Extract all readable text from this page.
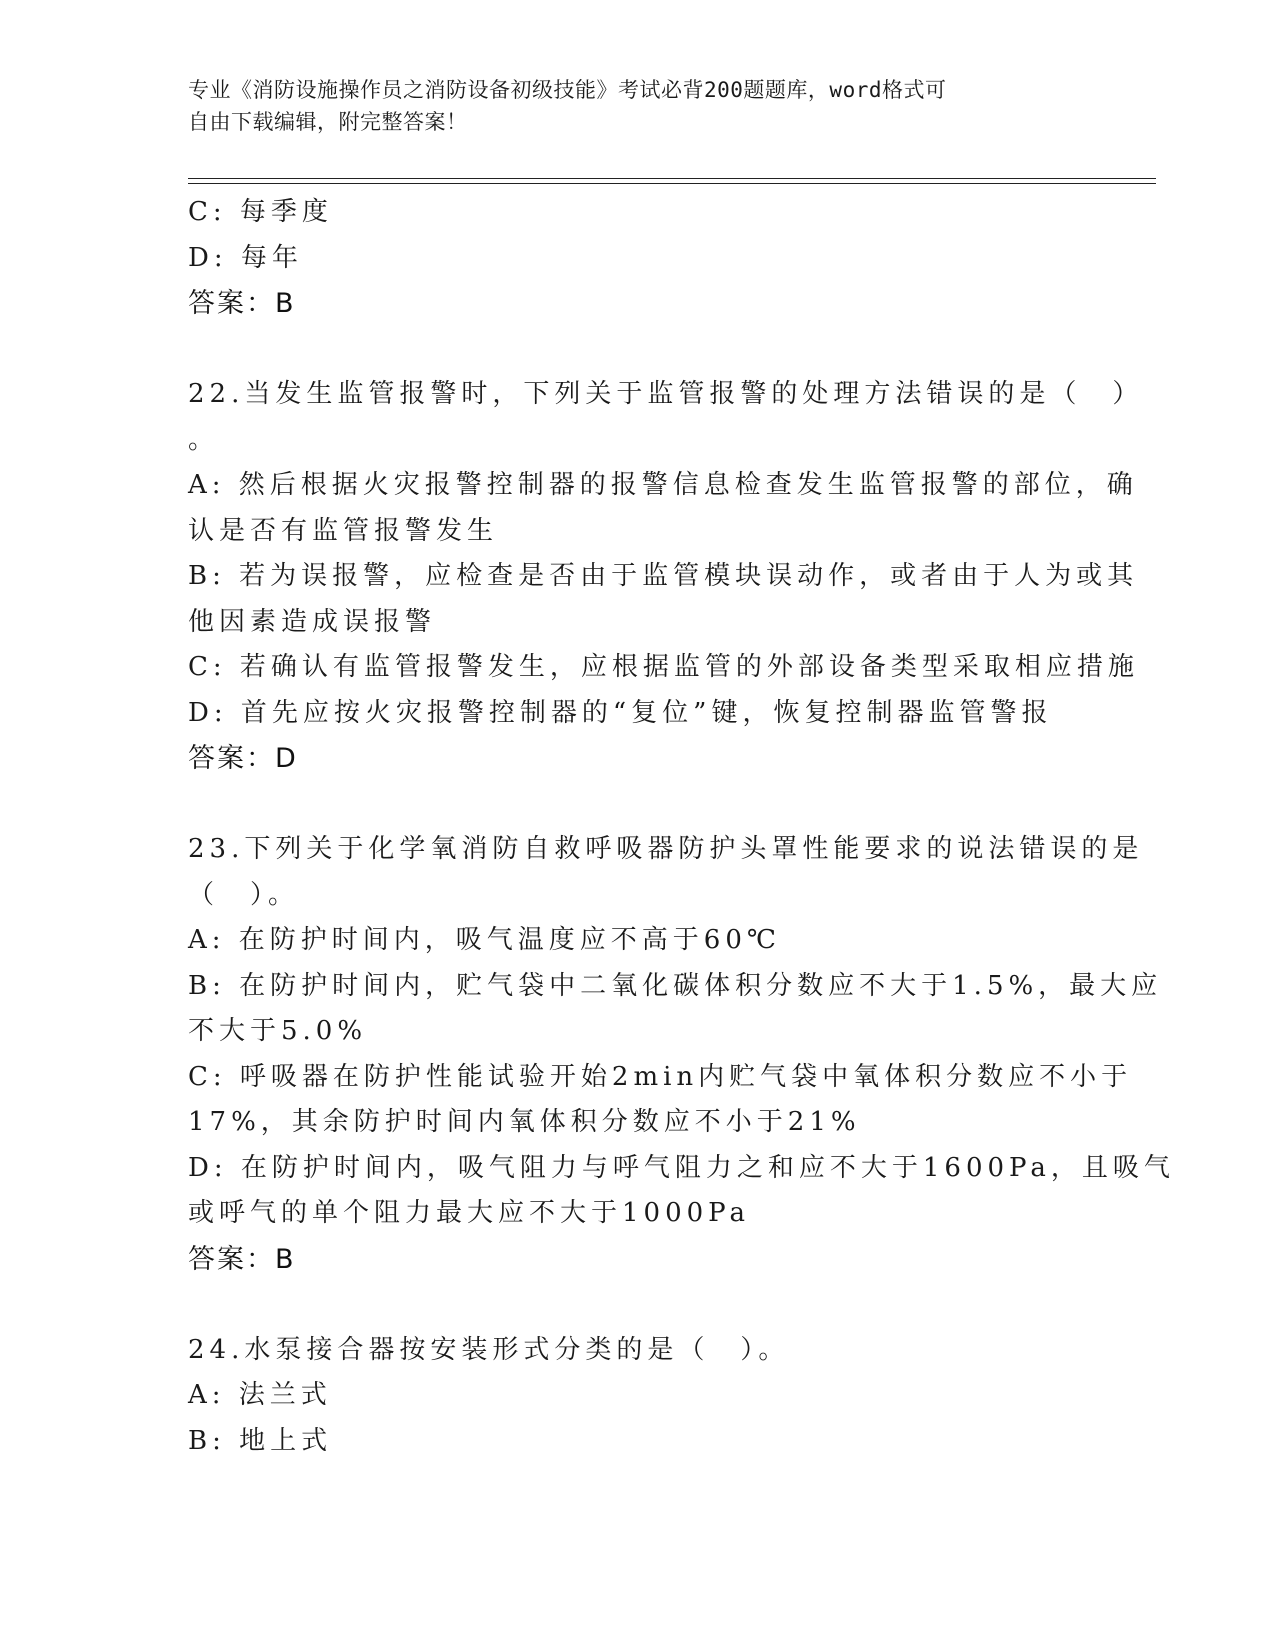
专业《消防设施操作员之消防设备初级技能》考试必背200题题库，word格式可
自由下载编辑，附完整答案！
C: 每季度
D: 每年
答案：B
22.当发生监管报警时，下列关于监管报警的处理方法错误的是（　）
。
A: 然后根据火灾报警控制器的报警信息检查发生监管报警的部位，确
认是否有监管报警发生
B: 若为误报警，应检查是否由于监管模块误动作，或者由于人为或其
他因素造成误报警
C: 若确认有监管报警发生，应根据监管的外部设备类型采取相应措施
D: 首先应按火灾报警控制器的“复位”键，恢复控制器监管警报
答案：D
23.下列关于化学氧消防自救呼吸器防护头罩性能要求的说法错误的是
（　）。
A: 在防护时间内，吸气温度应不高于60℃
B: 在防护时间内，贮气袋中二氧化碳体积分数应不大于1.5%，最大应
不大于5.0%
C: 呼吸器在防护性能试验开始2min内贮气袋中氧体积分数应不小于
17%，其余防护时间内氧体积分数应不小于21%
D: 在防护时间内，吸气阻力与呼气阻力之和应不大于1600Pa，且吸气
或呼气的单个阻力最大应不大于1000Pa
答案：B
24.水泵接合器按安装形式分类的是（　）。
A: 法兰式
B: 地上式
